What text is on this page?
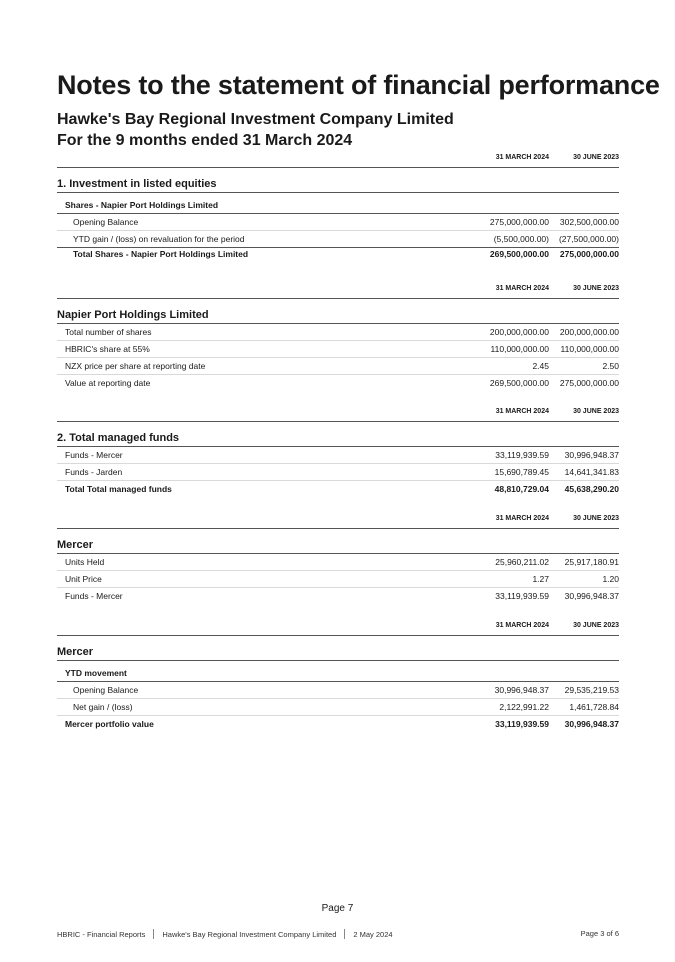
Notes to the statement of financial performance
Hawke's Bay Regional Investment Company Limited
For the 9 months ended 31 March 2024
31 MARCH 2024	30 JUNE 2023
1. Investment in listed equities
Shares - Napier Port Holdings Limited
Opening Balance	275,000,000.00	302,500,000.00
YTD gain / (loss) on revaluation for the period	(5,500,000.00)	(27,500,000.00)
Total Shares - Napier Port Holdings Limited	269,500,000.00	275,000,000.00
31 MARCH 2024	30 JUNE 2023
Napier Port Holdings Limited
Total number of shares	200,000,000.00	200,000,000.00
HBRIC's share at 55%	110,000,000.00	110,000,000.00
NZX price per share at reporting date	2.45	2.50
Value at reporting date	269,500,000.00	275,000,000.00
31 MARCH 2024	30 JUNE 2023
2. Total managed funds
Funds - Mercer	33,119,939.59	30,996,948.37
Funds - Jarden	15,690,789.45	14,641,341.83
Total Total managed funds	48,810,729.04	45,638,290.20
31 MARCH 2024	30 JUNE 2023
Mercer
Units Held	25,960,211.02	25,917,180.91
Unit Price	1.27	1.20
Funds - Mercer	33,119,939.59	30,996,948.37
31 MARCH 2024	30 JUNE 2023
Mercer
YTD movement
Opening Balance	30,996,948.37	29,535,219.53
Net gain / (loss)	2,122,991.22	1,461,728.84
Mercer portfolio value	33,119,939.59	30,996,948.37
Page 7
HBRIC - Financial Reports Hawke's Bay Regional Investment Company Limited 2 May 2024	Page 3 of 6
